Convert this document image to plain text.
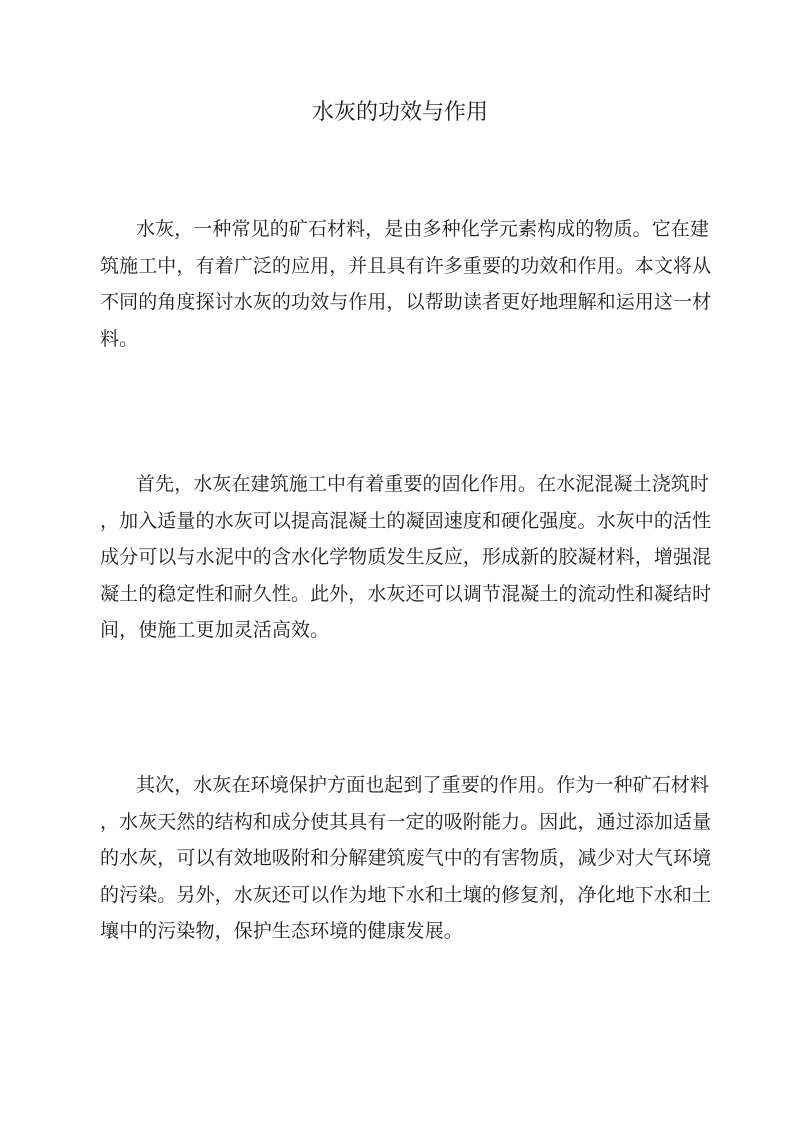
水灰的功效与作用

水灰，一种常见的矿石材料，是由多种化学元素构成的物质。它在建
筑施工中，有着广泛的应用，并且具有许多重要的功效和作用。本文将从
不同的角度探讨水灰的功效与作用，以帮助读者更好地理解和运用这一材
料。

首先，水灰在建筑施工中有着重要的固化作用。在水泥混凝土浇筑时
，加入适量的水灰可以提高混凝土的凝固速度和硬化强度。水灰中的活性
成分可以与水泥中的含水化学物质发生反应，形成新的胶凝材料，增强混
凝土的稳定性和耐久性。此外，水灰还可以调节混凝土的流动性和凝结时
间，使施工更加灵活高效。

其次，水灰在环境保护方面也起到了重要的作用。作为一种矿石材料
，水灰天然的结构和成分使其具有一定的吸附能力。因此，通过添加适量
的水灰，可以有效地吸附和分解建筑废气中的有害物质，减少对大气环境
的污染。另外，水灰还可以作为地下水和土壤的修复剂，净化地下水和土
壤中的污染物，保护生态环境的健康发展。
